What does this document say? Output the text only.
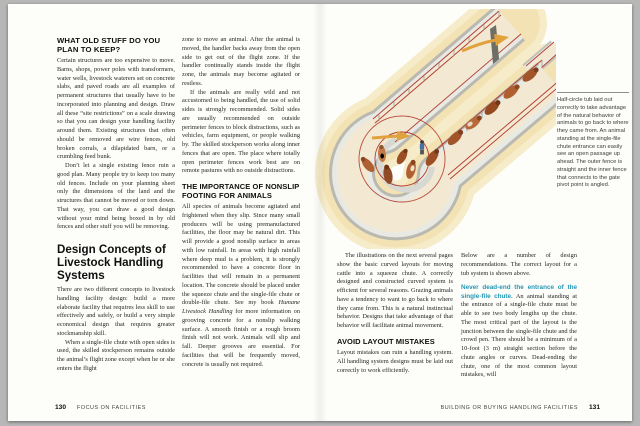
WHAT OLD STUFF DO YOU PLAN TO KEEP?

Certain structures are too expensive to move. Barns, shops, power poles with transformers, water wells, livestock waterers set on concrete slabs, and paved roads are all examples of permanent structures that usually have to be incorporated into planning and design. Draw all these “site restrictions” on a scale drawing so that you can design your handling facility around them. Existing structures that often should be removed are wire fences, old broken corrals, a dilapidated barn, or a crumbling feed bunk.

Don’t let a single existing fence ruin a good plan. Many people try to keep too many old fences. Include on your planning sheet only the dimensions of the land and the structures that cannot be moved or torn down. That way, you can draw a good design without your mind being boxed in by old fences and other stuff you will be removing.

Design Concepts of Livestock Handling Systems

There are two different concepts to livestock handling facility design: build a more elaborate facility that requires less skill to use effectively and safely, or build a very simple economical design that requires greater stockmanship skill.

When a single-file chute with open sides is used, the skilled stockperson remains outside the animal’s flight zone except when he or she enters the flight

zone to move an animal. After the animal is moved, the handler backs away from the open side to get out of the flight zone. If the handler continually stands inside the flight zone, the animals may become agitated or restless.

If the animals are really wild and not accustomed to being handled, the use of solid sides is strongly recommended. Solid sides are usually recommended on outside perimeter fences to block distractions, such as vehicles, farm equipment, or people walking by. The skilled stockperson works along inner fences that are open. The place where totally open perimeter fences work best are on remote pastures with no outside distractions.

THE IMPORTANCE OF NONSLIP FOOTING FOR ANIMALS

All species of animals become agitated and frightened when they slip. Since many small producers will be using premanufactured facilities, the floor may be natural dirt. This will provide a good nonslip surface in areas with low rainfall. In areas with high rainfall where deep mud is a problem, it is strongly recommended to have a concrete floor in facilities that will remain in a permanent location. The concrete should be placed under the squeeze chute and the single-file chute or double-file chute. See my book Humane Livestock Handling for more information on grooving concrete for a nonslip walking surface. A smooth finish or a rough broom finish will not work. Animals will slip and fall. Deeper grooves are essential. For facilities that will be frequently moved, concrete is usually not required.

130 FOCUS ON FACILITIES
Half-circle tub laid out correctly to take advantage of the natural behavior of animals to go back to where they came from. An animal standing at the single-file chute entrance can easily see an open passage up ahead. The outer fence is straight and the inner fence that connects to the gate pivot point is angled.

The illustrations on the next several pages show the basic curved layouts for moving cattle into a squeeze chute. A correctly designed and constructed curved system is efficient for several reasons. Grazing animals have a tendency to want to go back to where they came from. This is a natural instinctual behavior. Designs that take advantage of that behavior will facilitate animal movement.

AVOID LAYOUT MISTAKES

Layout mistakes can ruin a handling system. All handling system designs must be laid out correctly to work efficiently.

Below are a number of design recommendations. The correct layout for a tub system is shown above.

Never dead-end the entrance of the single-file chute. An animal standing at the entrance of a single-file chute must be able to see two body lengths up the chute. The most critical part of the layout is the junction between the single-file chute and the crowd pen. There should be a minimum of a 10-foot (3 m) straight section before the chute angles or curves. Dead-ending the chute, one of the most common layout mistakes, will

BUILDING OR BUYING HANDLING FACILITIES 131
